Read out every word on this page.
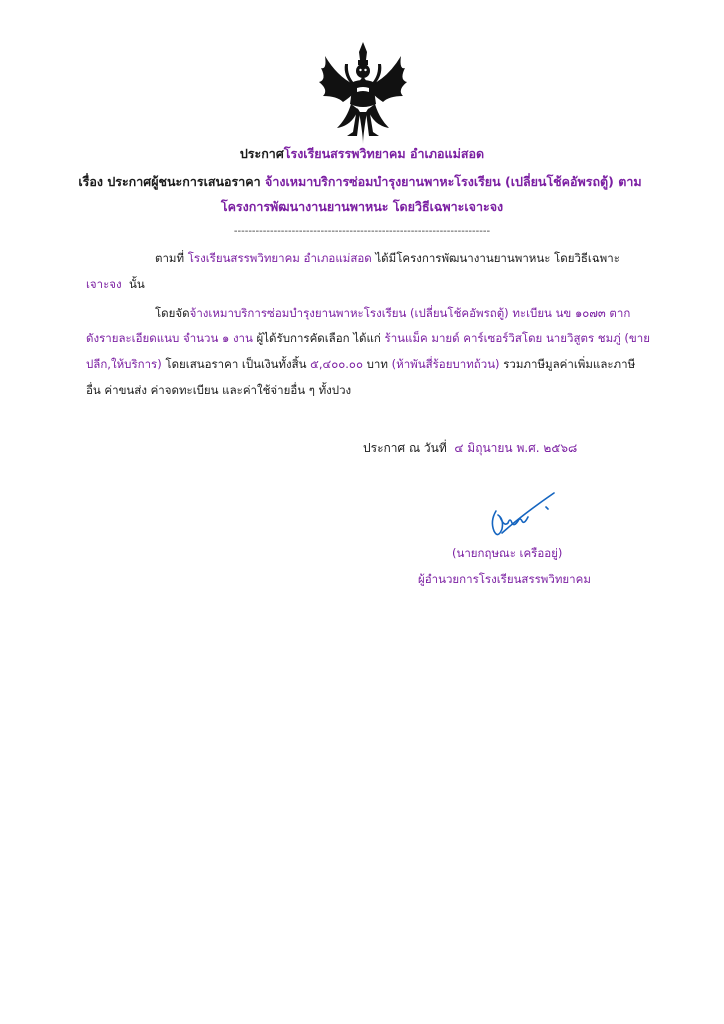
ประกาศโรงเรียนสรรพวิทยาคม อำเภอแม่สอด
เรื่อง ประกาศผู้ชนะการเสนอราคา จ้างเหมาบริการซ่อมบำรุงยานพาหะโรงเรียน (เปลี่ยนโช้คอัพรถตู้) ตาม
โครงการพัฒนางานยานพาหนะ โดยวิธีเฉพาะเจาะจง
-----------------------------------------------------------------------
ตามที่ โรงเรียนสรรพวิทยาคม อำเภอแม่สอด ได้มีโครงการพัฒนางานยานพาหนะ โดยวิธีเฉพาะ
เจาะจง นั้น
โดยจัดจ้างเหมาบริการซ่อมบำรุงยานพาหะโรงเรียน (เปลี่ยนโช้คอัพรถตู้) ทะเบียน นข ๑๐๗๓ ตาก
ดังรายละเอียดแนบ จำนวน ๑ งาน ผู้ได้รับการคัดเลือก ได้แก่ ร้านแม็ค มายด์ คาร์เซอร์วิสโดย นายวิสูตร ชมภู่ (ขาย
ปลีก,ให้บริการ) โดยเสนอราคา เป็นเงินทั้งสิ้น ๕,๔๐๐.๐๐ บาท (ห้าพันสี่ร้อยบาทถ้วน) รวมภาษีมูลค่าเพิ่มและภาษี
อื่น ค่าขนส่ง ค่าจดทะเบียน และค่าใช้จ่ายอื่น ๆ ทั้งปวง
ประกาศ ณ วันที่ ๔ มิถุนายน พ.ศ. ๒๕๖๘
(นายกฤษณะ เครืออยู่)
ผู้อำนวยการโรงเรียนสรรพวิทยาคม
